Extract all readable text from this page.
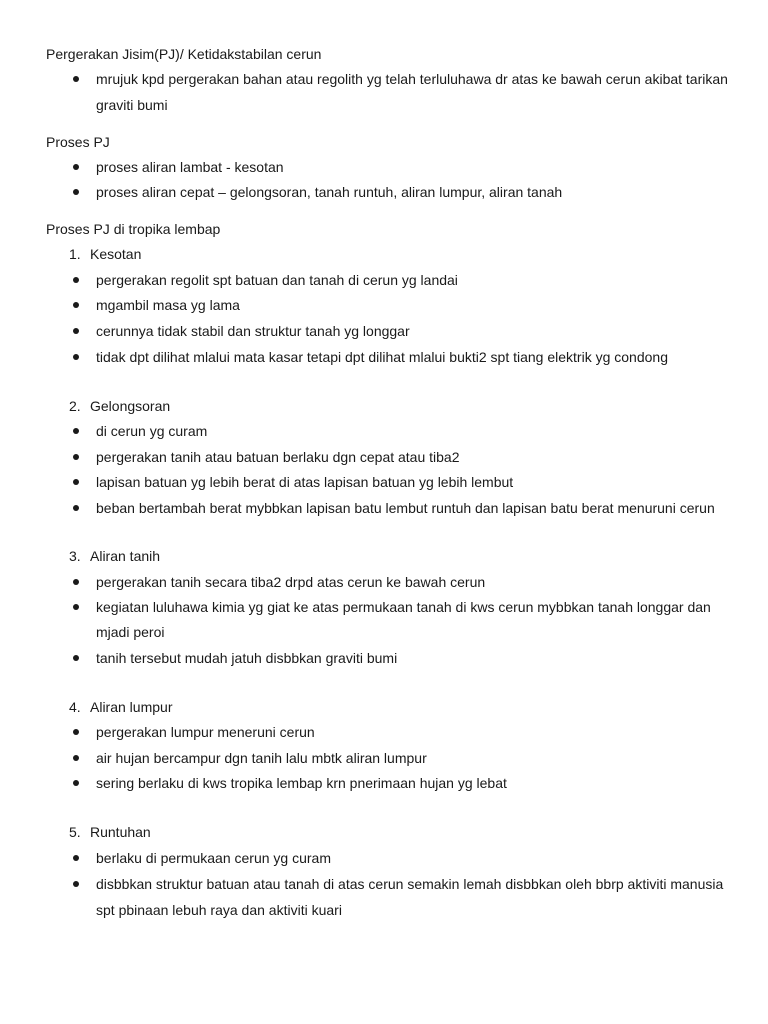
Pergerakan Jisim(PJ)/ Ketidakstabilan cerun
mrujuk kpd pergerakan bahan atau regolith yg telah terluluhawa dr atas ke bawah cerun akibat tarikan
graviti bumi
Proses PJ
proses aliran lambat - kesotan
proses aliran cepat – gelongsoran, tanah runtuh, aliran lumpur, aliran tanah
Proses PJ di tropika lembap
1. Kesotan
pergerakan regolit spt batuan dan tanah di cerun yg landai
mgambil masa yg lama
cerunnya tidak stabil dan struktur tanah yg longgar
tidak dpt dilihat mlalui mata kasar tetapi dpt dilihat mlalui bukti2 spt tiang elektrik yg condong
2. Gelongsoran
di cerun yg curam
pergerakan tanih atau batuan berlaku dgn cepat atau tiba2
lapisan batuan yg lebih berat di atas lapisan batuan yg lebih lembut
beban bertambah berat mybbkan lapisan batu lembut runtuh dan lapisan batu berat menuruni cerun
3. Aliran tanih
pergerakan tanih secara tiba2 drpd atas cerun ke bawah cerun
kegiatan luluhawa kimia yg giat ke atas permukaan tanah di kws cerun mybbkan tanah longgar dan
mjadi peroi
tanih tersebut mudah jatuh disbbkan graviti bumi
4. Aliran lumpur
pergerakan lumpur meneruni cerun
air hujan bercampur dgn tanih lalu mbtk aliran lumpur
sering berlaku di kws tropika lembap krn pnerimaan hujan yg lebat
5. Runtuhan
berlaku di permukaan cerun yg curam
disbbkan struktur batuan atau tanah di atas cerun semakin lemah disbbkan oleh bbrp aktiviti manusia
spt pbinaan lebuh raya dan aktiviti kuari
